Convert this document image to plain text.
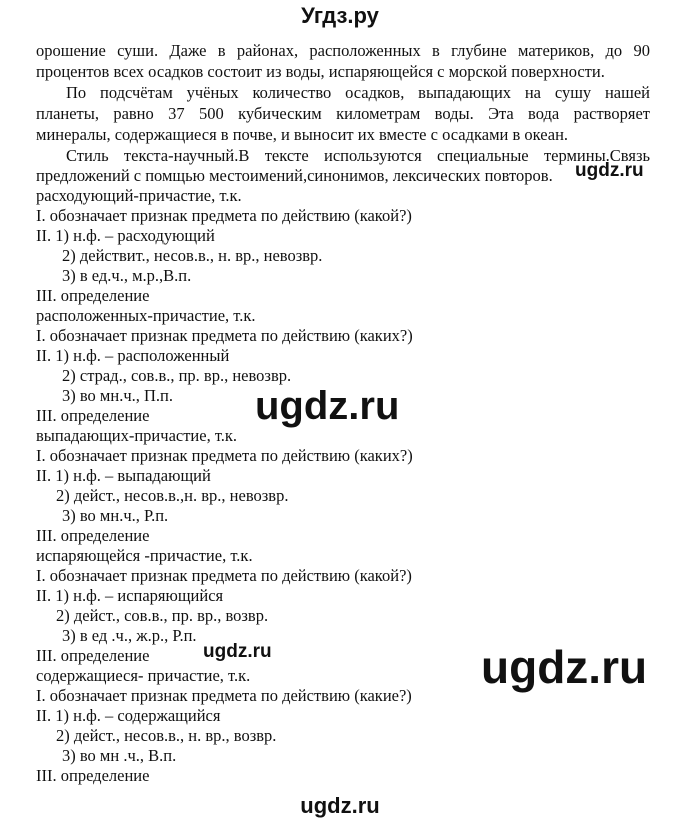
Угдз.ру
орошение суши. Даже в районах, расположенных в глубине материков, до 90
процентов всех осадков состоит из воды, испаряющейся с морской поверхности.
По подсчётам учёных количество осадков, выпадающих на сушу нашей
планеты, равно 37 500 кубическим километрам воды. Эта вода растворяет
минералы, содержащиеся в почве, и выносит их вместе с осадками в океан.
Стиль текста-научный.В тексте используются специальные термины.Связь
предложений с помщью местоимений,синонимов, лексических повторов.
расходующий-причастие, т.к.
I. обозначает признак предмета по действию (какой?)
II. 1) н.ф. – расходующий
2) действит., несов.в., н. вр., невозвр.
3) в ед.ч., м.р.,В.п.
III. определение
расположенных-причастие, т.к.
I. обозначает признак предмета по действию (каких?)
II. 1) н.ф. – расположенный
2) страд., сов.в., пр. вр., невозвр.
3) во мн.ч., П.п.
III. определение
выпадающих-причастие, т.к.
I. обозначает признак предмета по действию (каких?)
II. 1) н.ф. – выпадающий
2) дейст., несов.в.,н. вр., невозвр.
3) во мн.ч., Р.п.
III. определение
испаряющейся -причастие, т.к.
I. обозначает признак предмета по действию (какой?)
II. 1) н.ф. – испаряющийся
2) дейст., сов.в., пр. вр., возвр.
3) в ед .ч., ж.р., Р.п.
III. определение
содержащиеся- причастие, т.к.
I. обозначает признак предмета по действию (какие?)
II. 1) н.ф. – содержащийся
2) дейст., несов.в., н. вр., возвр.
3) во мн .ч., В.п.
III. определение
ugdz.ru
ugdz.ru
ugdz.ru	ugdz.ru
ugdz.ru
